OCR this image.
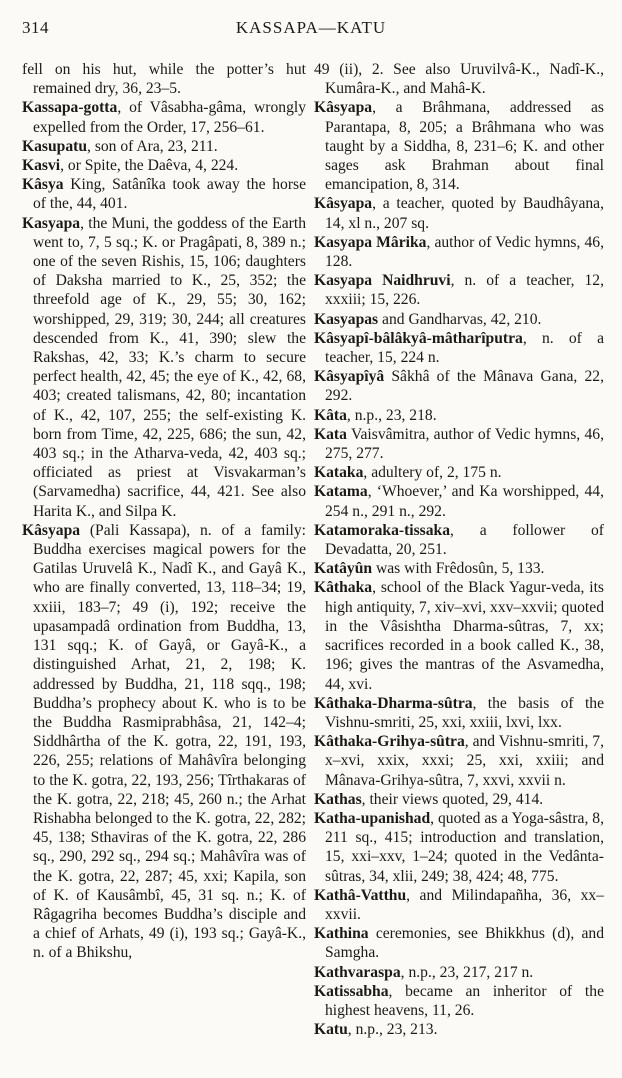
314	KASSAPA—KATU

fell on his hut, while the potter’s hut remained dry, 36, 23–5.

Kassapa-gotta, of Vâsabha-gâma, wrongly expelled from the Order, 17, 256–61.

Kasupatu, son of Ara, 23, 211.

Kasvi, or Spite, the Daêva, 4, 224.

Kâsya King, Satânîka took away the horse of the, 44, 401.

Kasyapa, the Muni, the goddess of the Earth went to, 7, 5 sq.; K. or Pragâpati, 8, 389 n.; one of the seven Rishis, 15, 106; daughters of Daksha married to K., 25, 352; the threefold age of K., 29, 55; 30, 162; worshipped, 29, 319; 30, 244; all creatures descended from K., 41, 390; slew the Rakshas, 42, 33; K.’s charm to secure perfect health, 42, 45; the eye of K., 42, 68, 403; created talismans, 42, 80; incantation of K., 42, 107, 255; the self-existing K. born from Time, 42, 225, 686; the sun, 42, 403 sq.; in the Atharva-veda, 42, 403 sq.; officiated as priest at Visvakarman’s (Sarvamedha) sacrifice, 44, 421. See also Harita K., and Silpa K.

Kâsyapa (Pali Kassapa), n. of a family: Buddha exercises magical powers for the Gatilas Uruvelâ K., Nadî K., and Gayâ K., who are finally converted, 13, 118–34; 19, xxiii, 183–7; 49 (i), 192; receive the upasampadâ ordination from Buddha, 13, 131 sqq.; K. of Gayâ, or Gayâ-K., a distinguished Arhat, 21, 2, 198; K. addressed by Buddha, 21, 118 sqq., 198; Buddha’s prophecy about K. who is to be the Buddha Rasmiprabhâsa, 21, 142–4; Siddhârtha of the K. gotra, 22, 191, 193, 226, 255; relations of Mahâvîra belonging to the K. gotra, 22, 193, 256; Tîrthakaras of the K. gotra, 22, 218; 45, 260 n.; the Arhat Rishabha belonged to the K. gotra, 22, 282; 45, 138; Sthaviras of the K. gotra, 22, 286 sq., 290, 292 sq., 294 sq.; Mahâvîra was of the K. gotra, 22, 287; 45, xxi; Kapila, son of K. of Kausâmbî, 45, 31 sq. n.; K. of Râgagriha becomes Buddha’s disciple and a chief of Arhats, 49 (i), 193 sq.; Gayâ-K., n. of a Bhikshu,

49 (ii), 2. See also Uruvilvâ-K., Nadî-K., Kumâra-K., and Mahâ-K.

Kâsyapa, a Brâhmana, addressed as Parantapa, 8, 205; a Brâhmana who was taught by a Siddha, 8, 231–6; K. and other sages ask Brahman about final emancipation, 8, 314.

Kâsyapa, a teacher, quoted by Baudhâyana, 14, xl n., 207 sq.

Kasyapa Mârika, author of Vedic hymns, 46, 128.

Kasyapa Naidhruvi, n. of a teacher, 12, xxxiii; 15, 226.

Kasyapas and Gandharvas, 42, 210.

Kâsyapî-bâlâkyâ-mâtharîputra, n. of a teacher, 15, 224 n.

Kâsyapîyâ Sâkhâ of the Mânava Gana, 22, 292.

Kâta, n.p., 23, 218.

Kata Vaisvâmitra, author of Vedic hymns, 46, 275, 277.

Kataka, adultery of, 2, 175 n.

Katama, ‘Whoever,’ and Ka worshipped, 44, 254 n., 291 n., 292.

Katamoraka-tissaka, a follower of Devadatta, 20, 251.

Katâyûn was with Frêdosûn, 5, 133.

Kâthaka, school of the Black Yagur-veda, its high antiquity, 7, xiv–xvi, xxv–xxvii; quoted in the Vâsishtha Dharma-sûtras, 7, xx; sacrifices recorded in a book called K., 38, 196; gives the mantras of the Asvamedha, 44, xvi.

Kâthaka-Dharma-sûtra, the basis of the Vishnu-smriti, 25, xxi, xxiii, lxvi, lxx.

Kâthaka-Grihya-sûtra, and Vishnu-smriti, 7, x–xvi, xxix, xxxi; 25, xxi, xxiii; and Mânava-Grihya-sûtra, 7, xxvi, xxvii n.

Kathas, their views quoted, 29, 414.

Katha-upanishad, quoted as a Yoga-sâstra, 8, 211 sq., 415; introduction and translation, 15, xxi–xxv, 1–24; quoted in the Vedânta-sûtras, 34, xlii, 249; 38, 424; 48, 775.

Kathâ-Vatthu, and Milindapañha, 36, xx–xxvii.

Kathina ceremonies, see Bhikkhus (d), and Samgha.

Kathvaraspa, n.p., 23, 217, 217 n.

Katissabha, became an inheritor of the highest heavens, 11, 26.

Katu, n.p., 23, 213.
